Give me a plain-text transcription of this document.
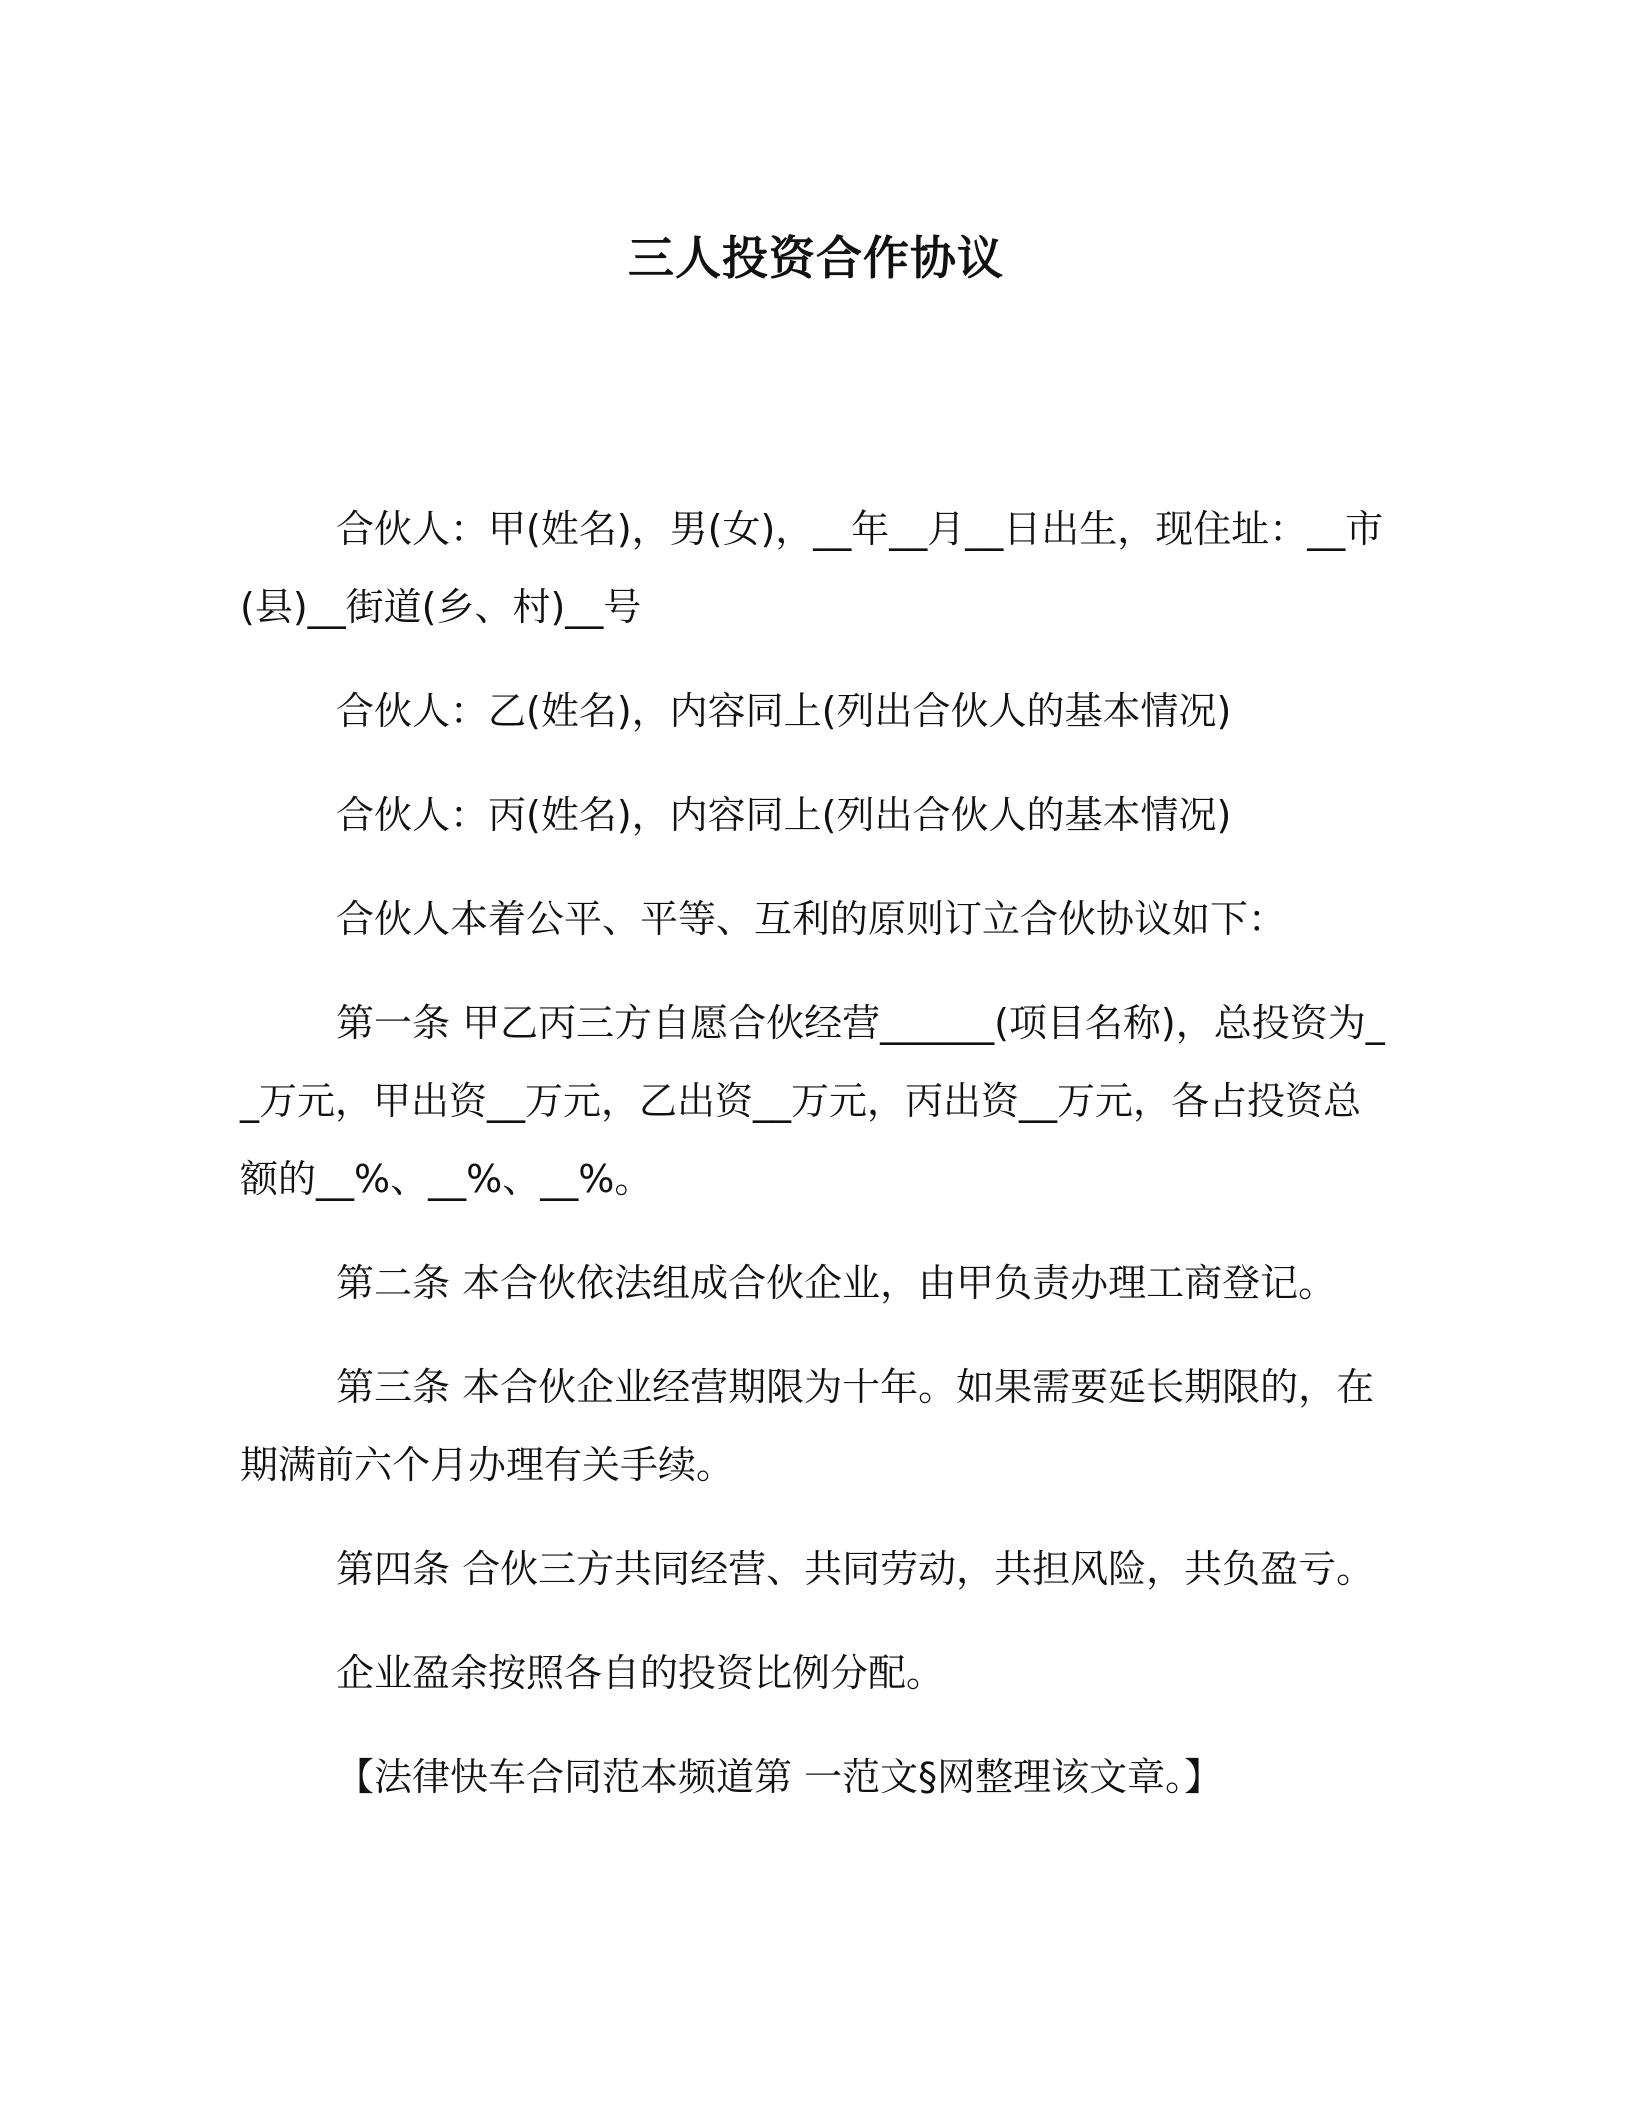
三人投资合作协议

合伙人：甲(姓名)，男(女)，__年__月__日出生，现住址：__市(县)__街道(乡、村)__号

合伙人：乙(姓名)，内容同上(列出合伙人的基本情况)

合伙人：丙(姓名)，内容同上(列出合伙人的基本情况)

合伙人本着公平、平等、互利的原则订立合伙协议如下：

第一条 甲乙丙三方自愿合伙经营______(项目名称)，总投资为__万元，甲出资__万元，乙出资__万元，丙出资__万元，各占投资总额的__%、__%、__%。

第二条 本合伙依法组成合伙企业，由甲负责办理工商登记。

第三条 本合伙企业经营期限为十年。如果需要延长期限的，在期满前六个月办理有关手续。

第四条 合伙三方共同经营、共同劳动，共担风险，共负盈亏。

企业盈余按照各自的投资比例分配。

【法律快车合同范本频道第 一范文§网整理该文章。】
